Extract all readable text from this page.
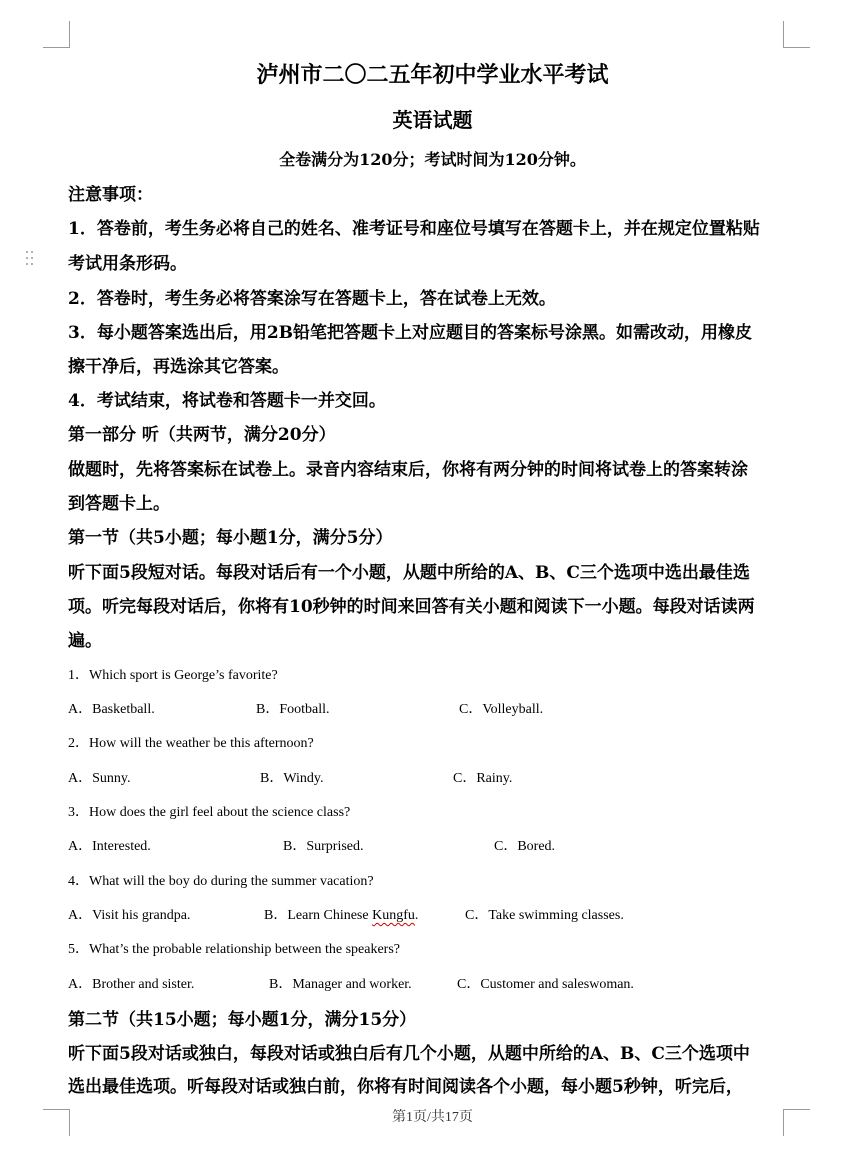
泸州市二〇二五年初中学业水平考试
英语试题
全卷满分为120分；考试时间为120分钟。
注意事项：
1．答卷前，考生务必将自己的姓名、准考证号和座位号填写在答题卡上，并在规定位置粘贴
考试用条形码。
2．答卷时，考生务必将答案涂写在答题卡上，答在试卷上无效。
3．每小题答案选出后，用2B铅笔把答题卡上对应题目的答案标号涂黑。如需改动，用橡皮
擦干净后，再选涂其它答案。
4．考试结束，将试卷和答题卡一并交回。
第一部分 听（共两节，满分20分）
做题时，先将答案标在试卷上。录音内容结束后，你将有两分钟的时间将试卷上的答案转涂
到答题卡上。
第一节（共5小题；每小题1分，满分5分）
听下面5段短对话。每段对话后有一个小题，从题中所给的A、B、C三个选项中选出最佳选
项。听完每段对话后，你将有10秒钟的时间来回答有关小题和阅读下一小题。每段对话读两
遍。
1．Which sport is George’s favorite?
A．Basketball.	B．Football.	C．Volleyball.
2．How will the weather be this afternoon?
A．Sunny.	B．Windy.	C．Rainy.
3．How does the girl feel about the science class?
A．Interested.	B．Surprised.	C．Bored.
4．What will the boy do during the summer vacation?
A．Visit his grandpa.	B．Learn Chinese Kungfu.	C．Take swimming classes.
5．What’s the probable relationship between the speakers?
A．Brother and sister.	B．Manager and worker.	C．Customer and saleswoman.
第二节（共15小题；每小题1分，满分15分）
听下面5段对话或独白，每段对话或独白后有几个小题，从题中所给的A、B、C三个选项中
选出最佳选项。听每段对话或独白前，你将有时间阅读各个小题，每小题5秒钟，听完后，
第1页/共17页
